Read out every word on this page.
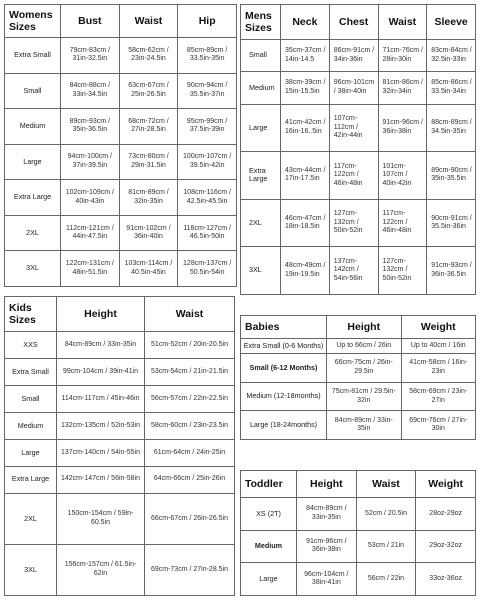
Womens Sizes	Bust	Waist	Hip
Extra Small	79cm-83cm / 31in-32.5in	58cm-62cm / 23in-24.5in	85cm-89cm / 33.5in-35in
Small	84cm-88cm / 33in-34.5in	63cm-67cm / 25in-26.5in	90cm-94cm / 35.5in-37in
Medium	89cm-93cm / 35in-36.5in	68cm-72cm / 27in-28.5in	95cm-99cm / 37.5in-39in
Large	94cm-100cm / 37in-39.5in	73cm-80cm / 29in-31.5in	100cm-107cm / 39.5in-42in
Extra Large	102cm-109cm / 40in-43in	81cm-89cm / 32in-35in	108cm-116cm / 42.5in-45.5in
2XL	112cm-121cm / 44in-47.5in	91cm-102cm / 36in-40in	118cm-127cm / 46.5in-50in
3XL	122cm-131cm / 48in-51.5in	103cm-114cm / 40.5in-45in	128cm-137cm / 50.5in-54in
Mens Sizes	Neck	Chest	Waist	Sleeve
Small	35cm-37cm / 14in-14.5	86cm-91cm / 34in-36in	71cm-76cm / 28in-30in	83cm-84cm / 32.5in-33in
Medium	38cm-39cm / 15in-15.5in	96cm-101cm / 38in-40in	81cm-86cm / 32in-34in	85cm-86cm / 33.5in-34in
Large	41cm-42cm / 16in-16..5in	107cm-112cm / 42in-44in	91cm-96cm / 36in-38in	88cm-89cm / 34.5in-35in
Extra Large	43cm-44cm / 17in-17.5in	117cm-122cm / 46in-48in	101cm-107cm / 40in-42in	89cm-90cm / 35in-35.5in
2XL	46cm-47cm / 18in-18.5in	127cm-132cm / 50in-52in	117cm-122cm / 46in-48in	90cm-91cm / 35.5in-36in
3XL	48cm-49cm / 19in-19.5in	137cm-142cm / 54in-56in	127cm-132cm / 50in-52in	91cm-93cm / 36in-36.5in
Kids Sizes	Height	Waist
XXS	84cm-89cm / 33in-35in	51cm-52cm / 20in-20.5in
Extra Small	99cm-104cm / 39in-41in	53cm-54cm / 21in-21.5in
Small	114cm-117cm / 45in-46in	56cm-57cm / 22in-22.5in
Medium	132cm-135cm / 52in-53in	58cm-60cm / 23in-23.5in
Large	137cm-140cm / 54in-55in	61cm-64cm / 24in-25in
Extra Large	142cm-147cm / 56in-58in	64cm-66cm / 25in-26in
2XL	150cm-154cm / 59in-60.5in	66cm-67cm / 26in-26.5in
3XL	156cm-157cm / 61.5in-62in	69cm-73cm / 27in-28.5in
Babies	Height	Weight
Extra Small (0-6 Months)	Up to 66cm / 26in	Up to 40cm / 16in
Small (6-12 Months)	66cm-75cm / 26in-29.5in	41cm-58cm / 16in-23in
Medium (12-18months)	75cm-81cm / 29.5in-32in	58cm-69cm / 23in-27in
Large (18-24months)	84cm-89cm / 33in-35in	69cm-76cm / 27in-30in
Toddler	Height	Waist	Weight
XS (2T)	84cm-89cm / 33in-35in	52cm / 20.5in	28oz-29oz
Medium	91cm-96cm / 36in-38in	53cm / 21in	29oz-32oz
Large	96cm-104cm / 38in-41in	56cm / 22in	33oz-36oz
